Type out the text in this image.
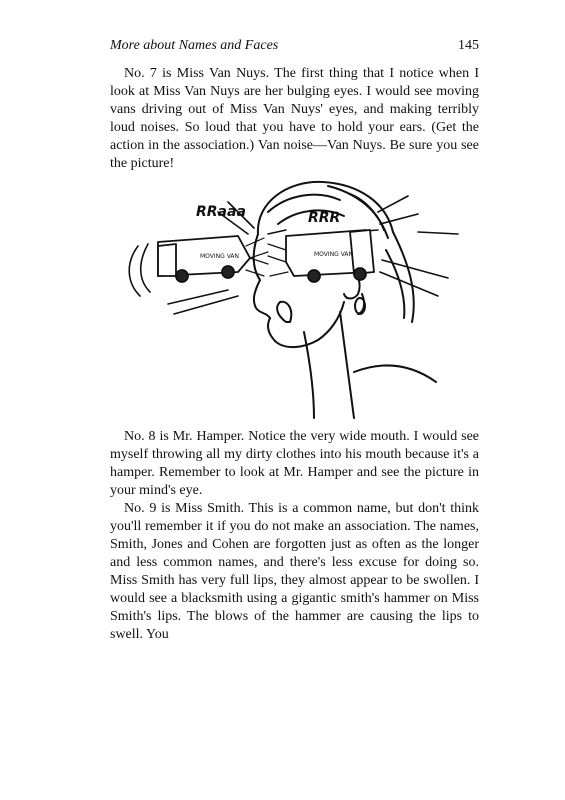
More about Names and Faces	145

No. 7 is Miss Van Nuys. The first thing that I notice when I look at Miss Van Nuys are her bulging eyes. I would see moving vans driving out of Miss Van Nuys' eyes, and making terribly loud noises. So loud that you have to hold your ears. (Get the action in the association.) Van noise—Van Nuys. Be sure you see the picture!

MOVING VAN	MOVING VAN
RRaaa	RRR

No. 8 is Mr. Hamper. Notice the very wide mouth. I would see myself throwing all my dirty clothes into his mouth because it's a hamper. Remember to look at Mr. Hamper and see the picture in your mind's eye.

No. 9 is Miss Smith. This is a common name, but don't think you'll remember it if you do not make an association. The names, Smith, Jones and Cohen are forgotten just as often as the longer and less common names, and there's less excuse for doing so. Miss Smith has very full lips, they almost appear to be swollen. I would see a blacksmith using a gigantic smith's hammer on Miss Smith's lips. The blows of the hammer are causing the lips to swell. You
